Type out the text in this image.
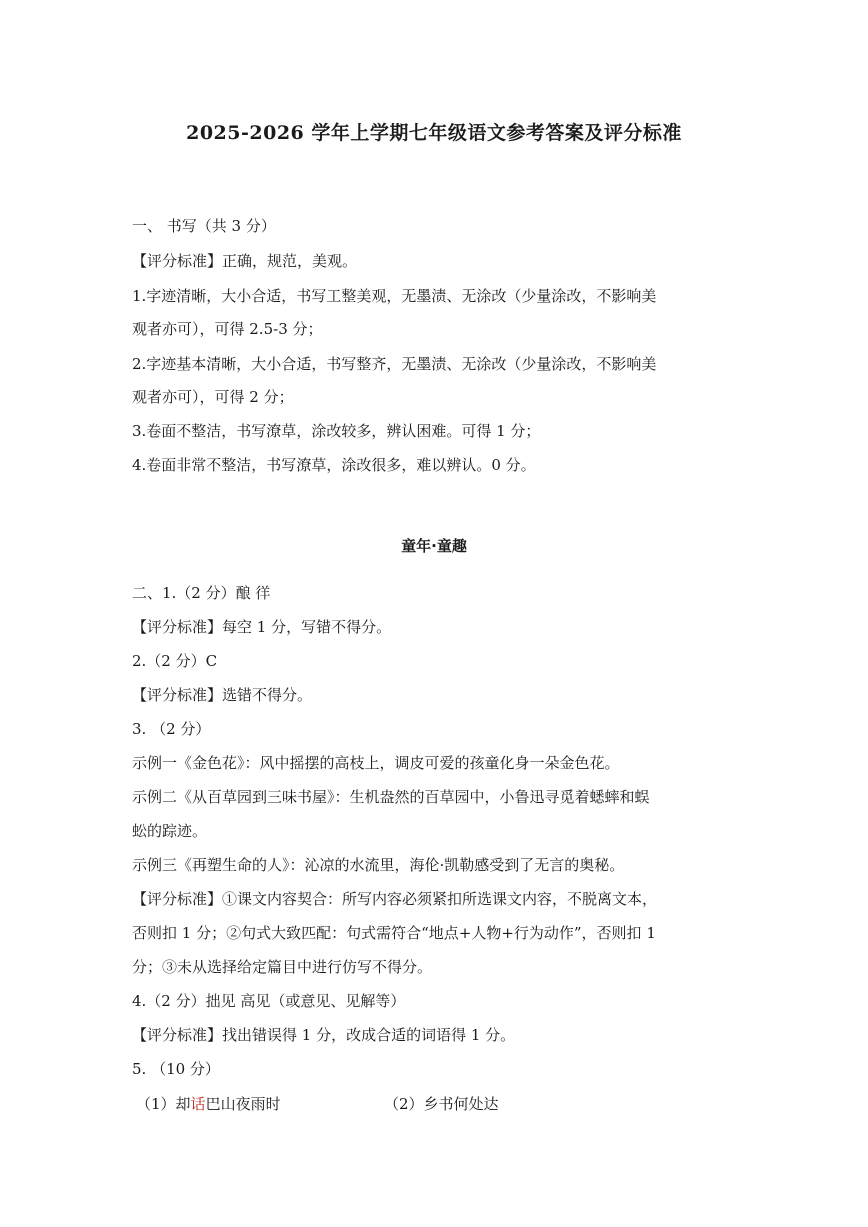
2025-2026 学年上学期七年级语文参考答案及评分标准
一、 书写（共 3 分）
【评分标准】正确，规范，美观。
1.字迹清晰，大小合适，书写工整美观，无墨渍、无涂改（少量涂改，不影响美
观者亦可），可得 2.5-3 分；
2.字迹基本清晰，大小合适，书写整齐，无墨渍、无涂改（少量涂改，不影响美
观者亦可），可得 2 分；
3.卷面不整洁，书写潦草，涂改较多，辨认困难。可得 1 分；
4.卷面非常不整洁，书写潦草，涂改很多，难以辨认。0 分。
童年·童趣
二、1.（2 分）酿 徉
【评分标准】每空 1 分，写错不得分。
2.（2 分）C
【评分标准】选错不得分。
3. （2 分）
示例一《金色花》：风中摇摆的高枝上，调皮可爱的孩童化身一朵金色花。
示例二《从百草园到三味书屋》：生机盎然的百草园中，小鲁迅寻觅着蟋蟀和蜈
蚣的踪迹。
示例三《再塑生命的人》：沁凉的水流里，海伦·凯勒感受到了无言的奥秘。
【评分标准】①课文内容契合：所写内容必须紧扣所选课文内容，不脱离文本，
否则扣 1 分；②句式大致匹配：句式需符合“地点+人物+行为动作”，否则扣 1
分；③未从选择给定篇目中进行仿写不得分。
4.（2 分）拙见 高见（或意见、见解等）
【评分标准】找出错误得 1 分，改成合适的词语得 1 分。
5. （10 分）
（1）却话巴山夜雨时	（2）乡书何处达
